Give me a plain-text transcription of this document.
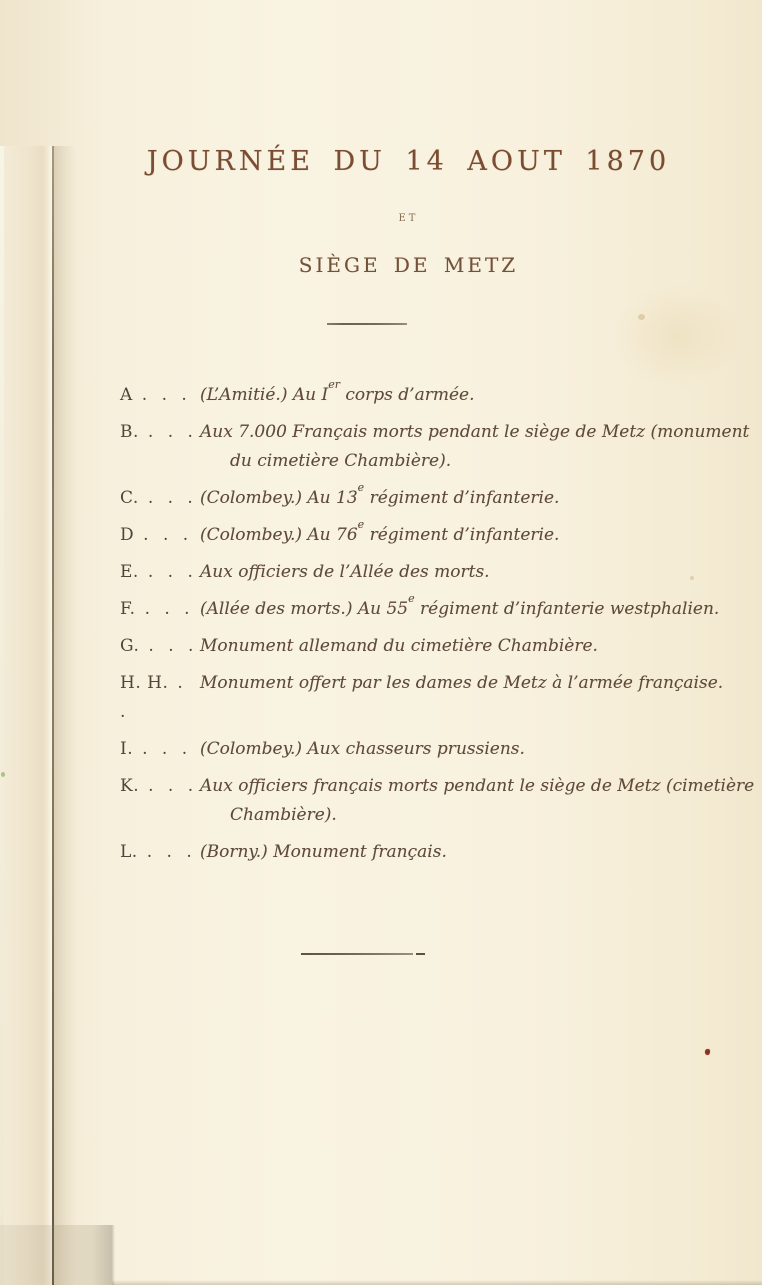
JOURNÉE DU 14 AOUT 1870
ET
SIÈGE DE METZ
A . . . (L’Amitié.) Au Ier corps d’armée.
B. . . . Aux 7.000 Français morts pendant le siège de Metz (monument
du cimetière Chambière).
C. . . . (Colombey.) Au 13e régiment d’infanterie.
D . . . (Colombey.) Au 76e régiment d’infanterie.
E. . . . Aux officiers de l’Allée des morts.
F. . . . (Allée des morts.) Au 55e régiment d’infanterie westphalien.
G. . . . Monument allemand du cimetière Chambière.
H. H. . .
Monument offert par les dames de Metz à l’armée française.
I. . . . (Colombey.) Aux chasseurs prussiens.
K. . . . Aux officiers français morts pendant le siège de Metz (cimetière
Chambière).
L. . . . (Borny.) Monument français.
